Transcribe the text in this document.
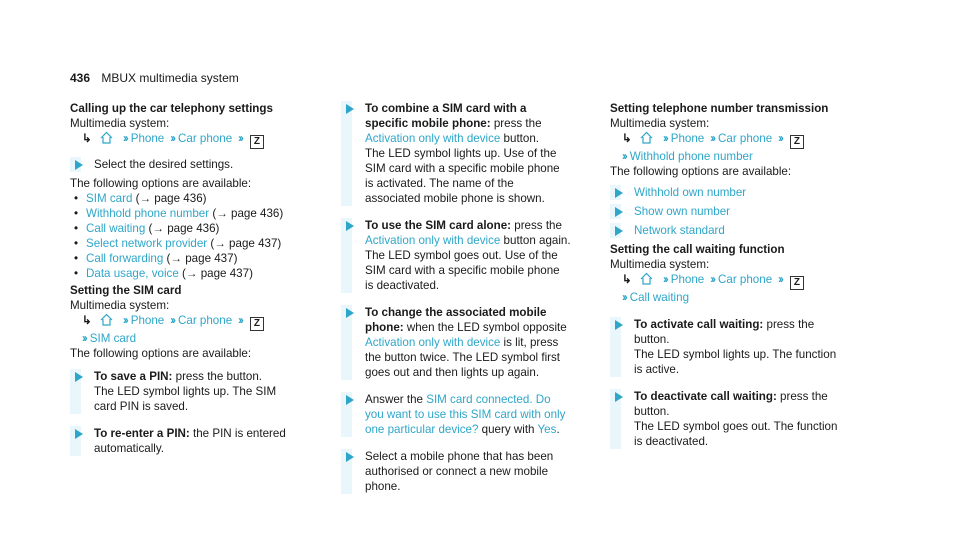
436 MBUX multimedia system

Calling up the car telephony settings

Multimedia system:

↳	›› Phone ›› Car phone ›› Z

Select the desired settings.

The following options are available:

• SIM card (→ page 436)
• Withhold phone number (→ page 436)
• Call waiting (→ page 436)
• Select network provider (→ page 437)
• Call forwarding (→ page 437)
• Data usage, voice (→ page 437)

Setting the SIM card

Multimedia system:

↳	›› Phone ›› Car phone ›› Z

›› SIM card

The following options are available:

To save a PIN: press the button.
The LED symbol lights up. The SIM card PIN is saved.
To re-enter a PIN: the PIN is entered automatically.
To combine a SIM card with a specific mobile phone: press the Activation only with device button.
The LED symbol lights up. Use of the SIM card with a specific mobile phone is activated. The name of the associated mobile phone is shown.
To use the SIM card alone: press the Activation only with device button again.
The LED symbol goes out. Use of the SIM card with a specific mobile phone is deactivated.
To change the associated mobile phone: when the LED symbol opposite Activation only with device is lit, press the button twice. The LED symbol first goes out and then lights up again.
Answer the SIM card connected. Do you want to use this SIM card with only one particular device? query with Yes.
Select a mobile phone that has been authorised or connect a new mobile phone.

Setting telephone number transmission

Multimedia system:

↳	›› Phone ›› Car phone ›› Z

›› Withhold phone number

The following options are available:

Withhold own number
Show own number
Network standard

Setting the call waiting function

Multimedia system:

↳	›› Phone ›› Car phone ›› Z

›› Call waiting

To activate call waiting: press the button.
The LED symbol lights up. The function is active.
To deactivate call waiting: press the button.
The LED symbol goes out. The function is deactivated.
